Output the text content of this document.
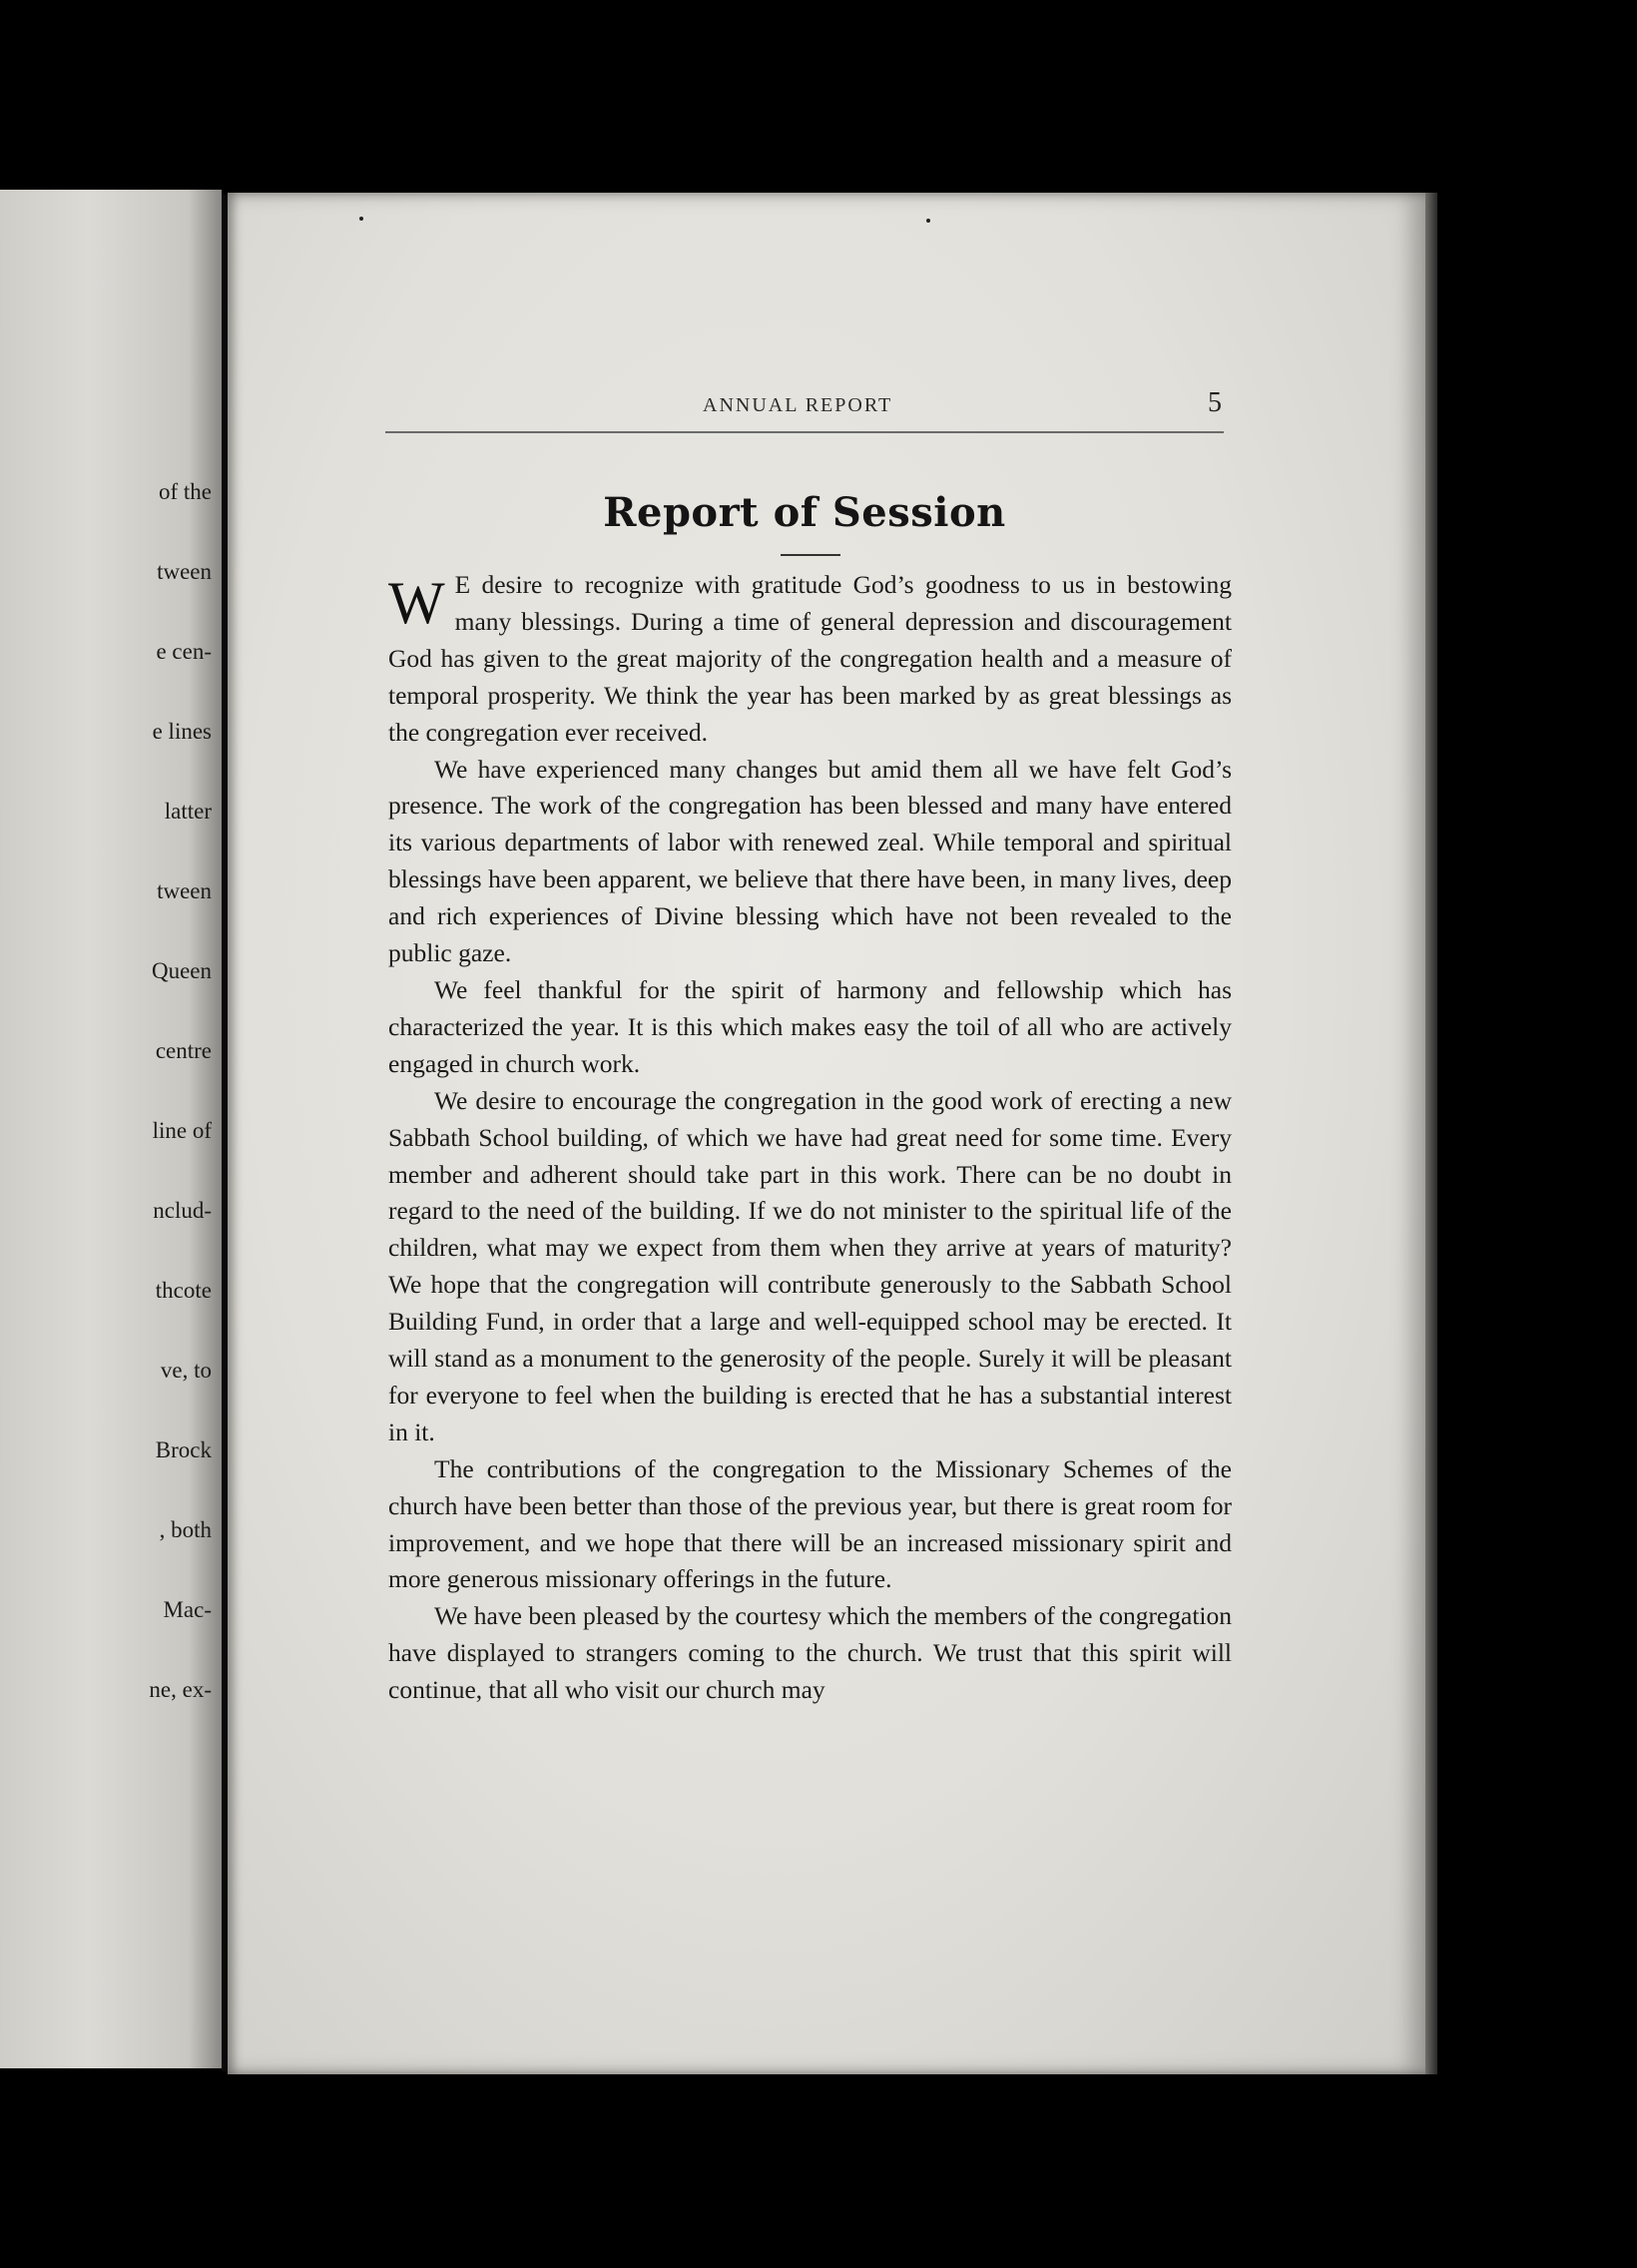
of the
tween
e cen-
e lines
latter
tween
Queen
centre
line of
nclud-
thcote
ve, to
Brock
, both
Mac-
ne, ex-
ANNUAL REPORT	5
Report of Session

W E desire to recognize with gratitude God’s goodness to us in bestowing many blessings. During a time of general depression and discouragement God has given to the great majority of the congregation health and a measure of temporal prosperity. We think the year has been marked by as great blessings as the congregation ever received.

We have experienced many changes but amid them all we have felt God’s presence. The work of the congregation has been blessed and many have entered its various departments of labor with renewed zeal. While temporal and spiritual blessings have been apparent, we believe that there have been, in many lives, deep and rich experiences of Divine blessing which have not been revealed to the public gaze.

We feel thankful for the spirit of harmony and fellowship which has characterized the year. It is this which makes easy the toil of all who are actively engaged in church work.

We desire to encourage the congregation in the good work of erecting a new Sabbath School building, of which we have had great need for some time. Every member and adherent should take part in this work. There can be no doubt in regard to the need of the building. If we do not minister to the spiritual life of the children, what may we expect from them when they arrive at years of maturity? We hope that the congregation will contribute generously to the Sabbath School Building Fund, in order that a large and well-equipped school may be erected. It will stand as a monument to the generosity of the people. Surely it will be pleasant for everyone to feel when the building is erected that he has a substantial interest in it.

The contributions of the congregation to the Missionary Schemes of the church have been better than those of the previous year, but there is great room for improvement, and we hope that there will be an increased missionary spirit and more generous missionary offerings in the future.

We have been pleased by the courtesy which the members of the congregation have displayed to strangers coming to the church. We trust that this spirit will continue, that all who visit our church may
